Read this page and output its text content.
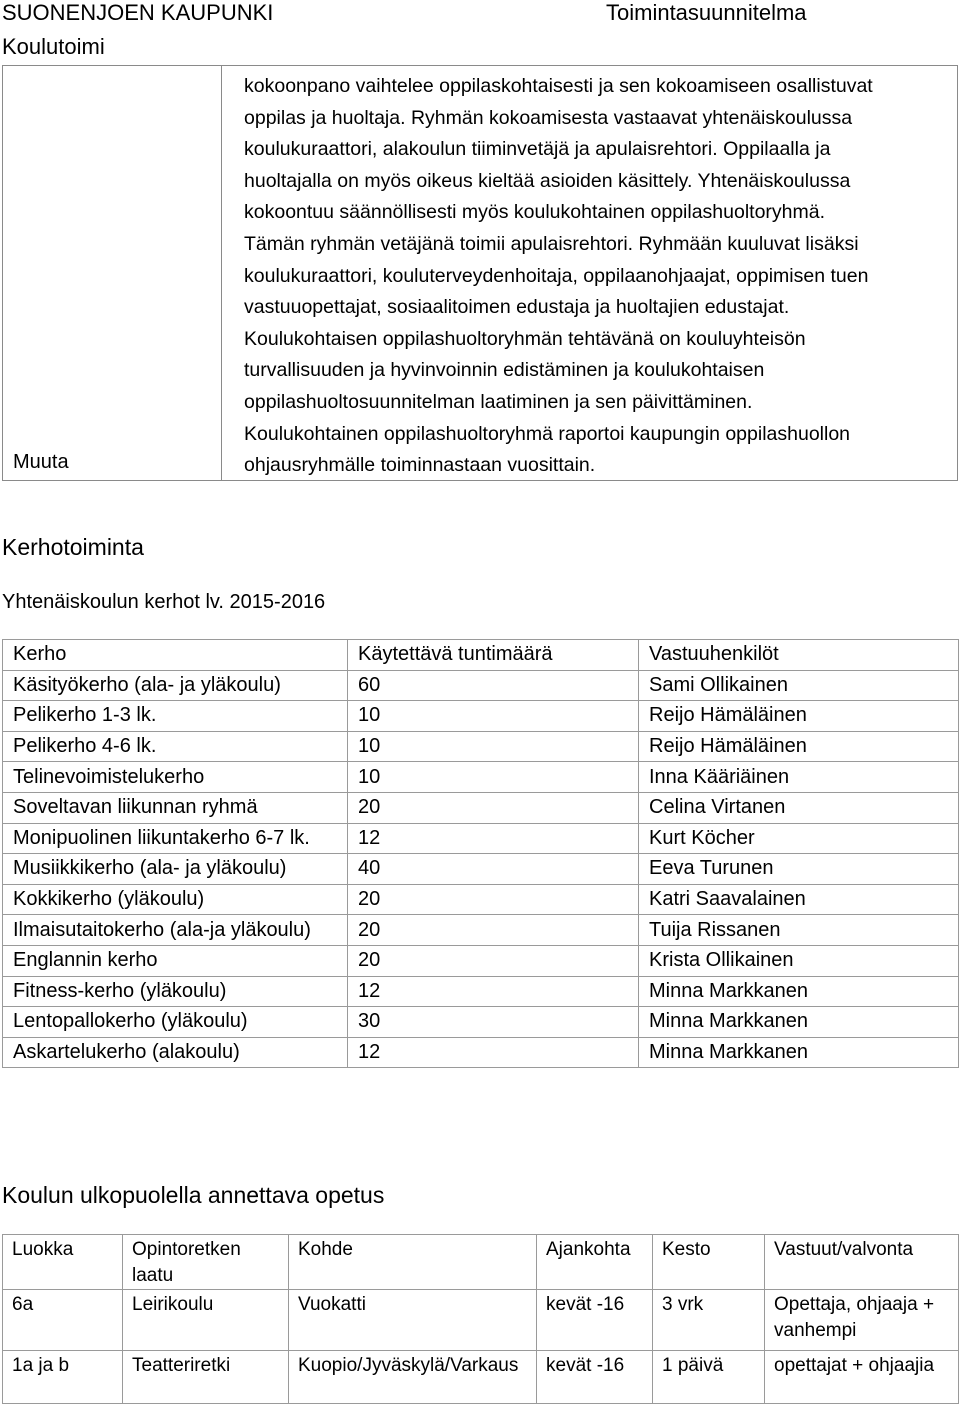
SUONENJOEN KAUPUNKI	Toimintasuunnitelma
Koulutoimi
Muuta

kokoonpano vaihtelee oppilaskohtaisesti ja sen kokoamiseen osallistuvat
oppilas ja huoltaja. Ryhmän kokoamisesta vastaavat yhtenäiskoulussa
koulukuraattori, alakoulun tiiminvetäjä ja apulaisrehtori. Oppilaalla ja
huoltajalla on myös oikeus kieltää asioiden käsittely. Yhtenäiskoulussa
kokoontuu säännöllisesti myös koulukohtainen oppilashuoltoryhmä.
Tämän ryhmän vetäjänä toimii apulaisrehtori. Ryhmään kuuluvat lisäksi
koulukuraattori, kouluterveydenhoitaja, oppilaanohjaajat, oppimisen tuen
vastuuopettajat, sosiaalitoimen edustaja ja huoltajien edustajat.
Koulukohtaisen oppilashuoltoryhmän tehtävänä on kouluyhteisön
turvallisuuden ja hyvinvoinnin edistäminen ja koulukohtaisen
oppilashuoltosuunnitelman laatiminen ja sen päivittäminen.
Koulukohtainen oppilashuoltoryhmä raportoi kaupungin oppilashuollon
ohjausryhmälle toiminnastaan vuosittain.
Kerhotoiminta
Yhtenäiskoulun kerhot lv. 2015-2016
Kerho	Käytettävä tuntimäärä	Vastuuhenkilöt
Käsityökerho (ala- ja yläkoulu)	60	Sami Ollikainen
Pelikerho 1-3 lk.	10	Reijo Hämäläinen
Pelikerho 4-6 lk.	10	Reijo Hämäläinen
Telinevoimistelukerho	10	Inna Kääriäinen
Soveltavan liikunnan ryhmä	20	Celina Virtanen
Monipuolinen liikuntakerho 6-7 lk.	12	Kurt Köcher
Musiikkikerho (ala- ja yläkoulu)	40	Eeva Turunen
Kokkikerho (yläkoulu)	20	Katri Saavalainen
Ilmaisutaitokerho (ala-ja yläkoulu)	20	Tuija Rissanen
Englannin kerho	20	Krista Ollikainen
Fitness-kerho (yläkoulu)	12	Minna Markkanen
Lentopallokerho (yläkoulu)	30	Minna Markkanen
Askartelukerho (alakoulu)	12	Minna Markkanen
Koulun ulkopuolella annettava opetus
Luokka	Opintoretken laatu	Kohde	Ajankohta	Kesto	Vastuut/valvonta
6a	Leirikoulu	Vuokatti	kevät -16	3 vrk	Opettaja, ohjaaja + vanhempi
1a ja b	Teatteriretki	Kuopio/Jyväskylä/Varkaus	kevät -16	1 päivä	opettajat + ohjaajia
